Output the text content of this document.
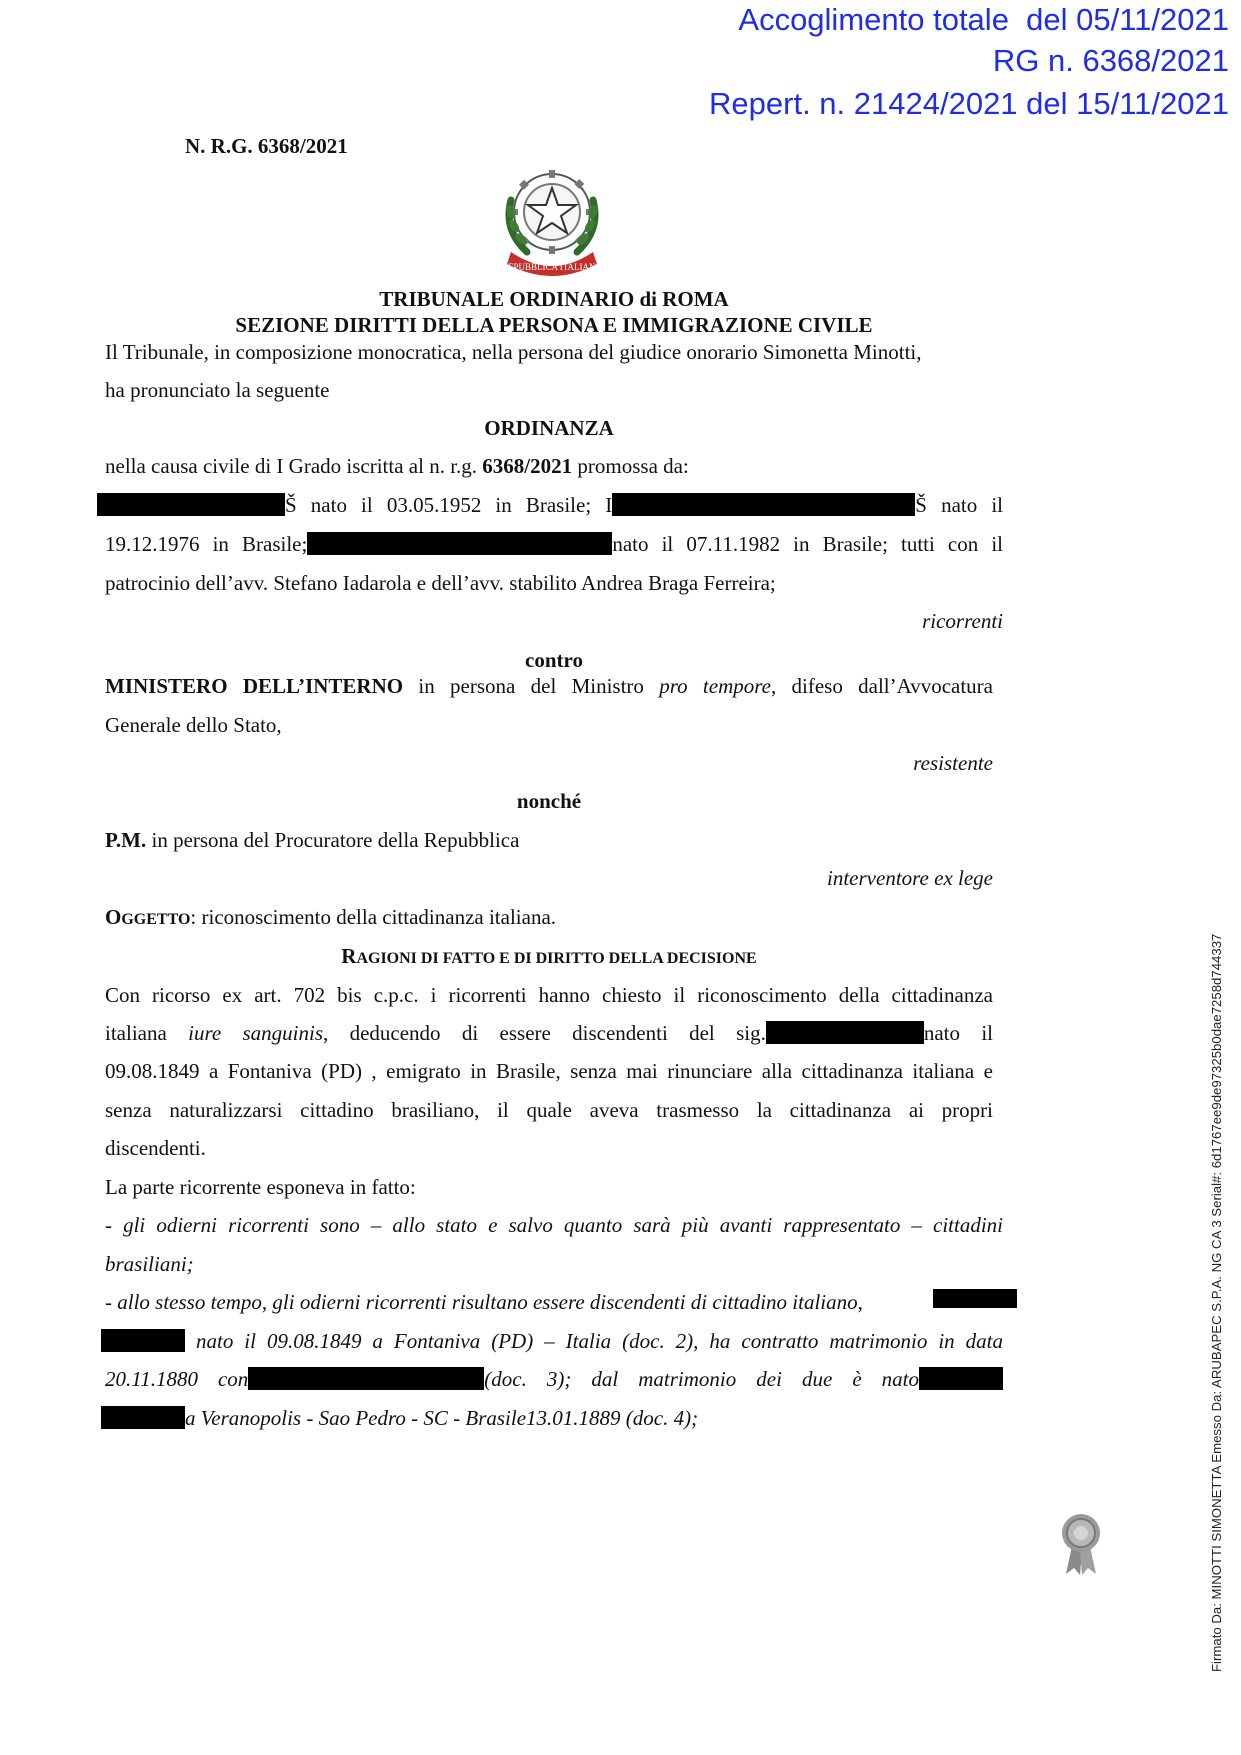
Accoglimento totale  del 05/11/2021
RG n. 6368/2021
Repert. n. 21424/2021 del 15/11/2021
N. R.G. 6368/2021
REPUBBLICA ITALIANA
TRIBUNALE ORDINARIO di ROMA
SEZIONE DIRITTI DELLA PERSONA E IMMIGRAZIONE CIVILE
Il Tribunale, in composizione monocratica, nella persona del giudice onorario Simonetta Minotti,
ha pronunciato la seguente
ORDINANZA
nella causa civile di I Grado iscritta al n. r.g. 6368/2021 promossa da:
Š nato il 03.05.1952 in Brasile; I	Š nato il
19.12.1976 in Brasile;	nato il 07.11.1982 in Brasile; tutti con il
patrocinio dell’avv. Stefano Iadarola e dell’avv. stabilito Andrea Braga Ferreira;
ricorrenti
contro
MINISTERO DELL’INTERNO in persona del Ministro pro tempore, difeso dall’Avvocatura
Generale dello Stato,
resistente
nonché
P.M. in persona del Procuratore della Repubblica
interventore ex lege
OGGETTO: riconoscimento della cittadinanza italiana.
RAGIONI DI FATTO E DI DIRITTO DELLA DECISIONE
Con ricorso ex art. 702 bis c.p.c. i ricorrenti hanno chiesto il riconoscimento della cittadinanza
italiana iure sanguinis, deducendo di essere discendenti del sig.	nato il
09.08.1849 a Fontaniva (PD) , emigrato in Brasile, senza mai rinunciare alla cittadinanza italiana e
senza naturalizzarsi cittadino brasiliano, il quale aveva trasmesso la cittadinanza ai propri
discendenti.
La parte ricorrente esponeva in fatto:
- gli odierni ricorrenti sono – allo stato e salvo quanto sarà più avanti rappresentato – cittadini
brasiliani;
- allo stesso tempo, gli odierni ricorrenti risultano essere discendenti di cittadino italiano,
nato il 09.08.1849 a Fontaniva (PD) – Italia (doc. 2), ha contratto matrimonio in data
20.11.1880 con	(doc. 3); dal matrimonio dei due è nato
a Veranopolis - Sao Pedro - SC - Brasile13.01.1889 (doc. 4);	Firmato Da: MINOTTI SIMONETTA Emesso Da: ARUBAPEC S.P.A. NG CA 3 Serial#: 6d1767ee9de97325b0dae7258d744337
